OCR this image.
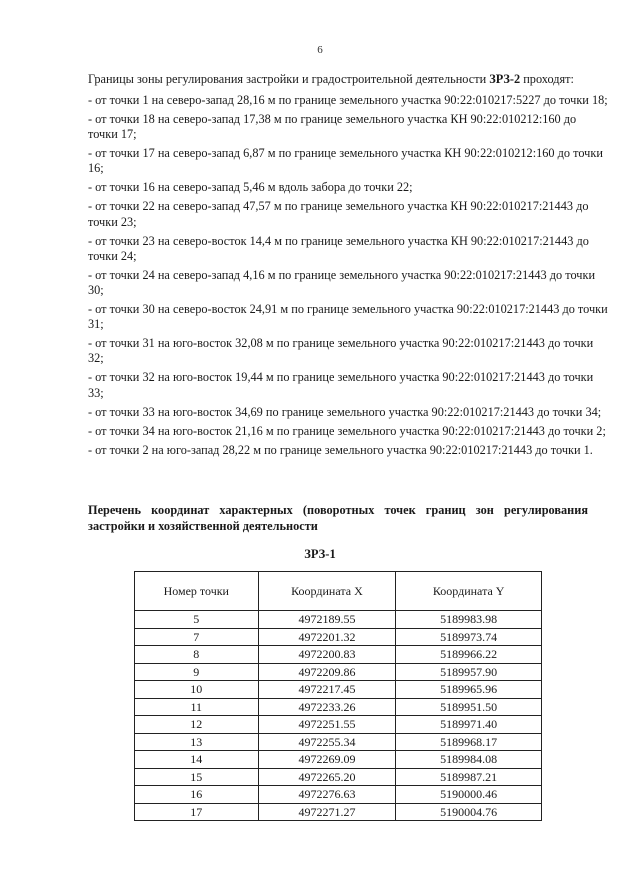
6
Границы зоны регулирования застройки и градостроительной деятельности ЗРЗ-2 проходят:
- от точки 1 на северо-запад 28,16 м по границе земельного участка 90:22:010217:5227 до точки 18;
- от точки 18 на северо-запад 17,38 м по границе земельного участка КН 90:22:010212:160 до точки 17;
- от точки 17 на северо-запад 6,87 м по границе земельного участка КН 90:22:010212:160 до точки 16;
- от точки 16 на северо-запад 5,46 м вдоль забора до точки 22;
- от точки 22 на северо-запад 47,57 м по границе земельного участка КН 90:22:010217:21443 до точки 23;
- от точки 23 на северо-восток 14,4 м по границе земельного участка КН 90:22:010217:21443 до точки 24;
- от точки 24 на северо-запад 4,16 м по границе земельного участка 90:22:010217:21443 до точки 30;
- от точки 30 на северо-восток 24,91 м по границе земельного участка 90:22:010217:21443 до точки 31;
- от точки 31 на юго-восток 32,08 м по границе земельного участка 90:22:010217:21443 до точки 32;
- от точки 32 на юго-восток 19,44 м по границе земельного участка 90:22:010217:21443 до точки 33;
- от точки 33 на юго-восток 34,69 по границе земельного участка 90:22:010217:21443 до точки 34;
- от точки 34 на юго-восток 21,16 м по границе земельного участка 90:22:010217:21443 до точки 2;
- от точки 2 на юго-запад 28,22 м по границе земельного участка 90:22:010217:21443 до точки 1.
Перечень координат характерных (поворотных точек границ зон регулирования застройки и хозяйственной деятельности
ЗРЗ-1
Номер точки	Координата X	Координата Y
5	4972189.55	5189983.98
7	4972201.32	5189973.74
8	4972200.83	5189966.22
9	4972209.86	5189957.90
10	4972217.45	5189965.96
11	4972233.26	5189951.50
12	4972251.55	5189971.40
13	4972255.34	5189968.17
14	4972269.09	5189984.08
15	4972265.20	5189987.21
16	4972276.63	5190000.46
17	4972271.27	5190004.76
